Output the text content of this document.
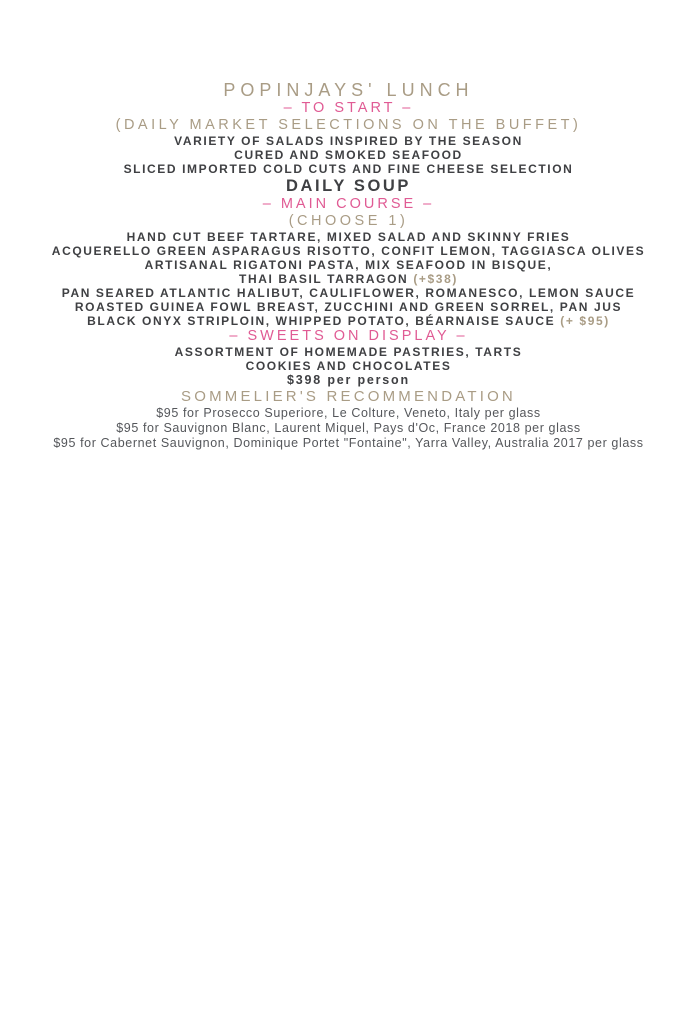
POPINJAYS' LUNCH
– TO START –
(DAILY MARKET SELECTIONS ON THE BUFFET)

VARIETY OF SALADS INSPIRED BY THE SEASON

CURED AND SMOKED SEAFOOD

SLICED IMPORTED COLD CUTS AND FINE CHEESE SELECTION

DAILY SOUP

– MAIN COURSE –
(CHOOSE 1)

HAND CUT BEEF TARTARE, MIXED SALAD AND SKINNY FRIES

ACQUERELLO GREEN ASPARAGUS RISOTTO, CONFIT LEMON, TAGGIASCA OLIVES

ARTISANAL RIGATONI PASTA, MIX SEAFOOD IN BISQUE,

THAI BASIL TARRAGON (+$38)

PAN SEARED ATLANTIC HALIBUT, CAULIFLOWER, ROMANESCO, LEMON SAUCE

ROASTED GUINEA FOWL BREAST, ZUCCHINI AND GREEN SORREL, PAN JUS

BLACK ONYX STRIPLOIN, WHIPPED POTATO, BÉARNAISE SAUCE (+ $95)

– SWEETS ON DISPLAY –

ASSORTMENT OF HOMEMADE PASTRIES, TARTS

COOKIES AND CHOCOLATES

$398 per person

SOMMELIER'S RECOMMENDATION

$95 for Prosecco Superiore, Le Colture, Veneto, Italy per glass

$95 for Sauvignon Blanc, Laurent Miquel, Pays d'Oc, France 2018 per glass

$95 for Cabernet Sauvignon, Dominique Portet "Fontaine", Yarra Valley, Australia 2017 per glass
